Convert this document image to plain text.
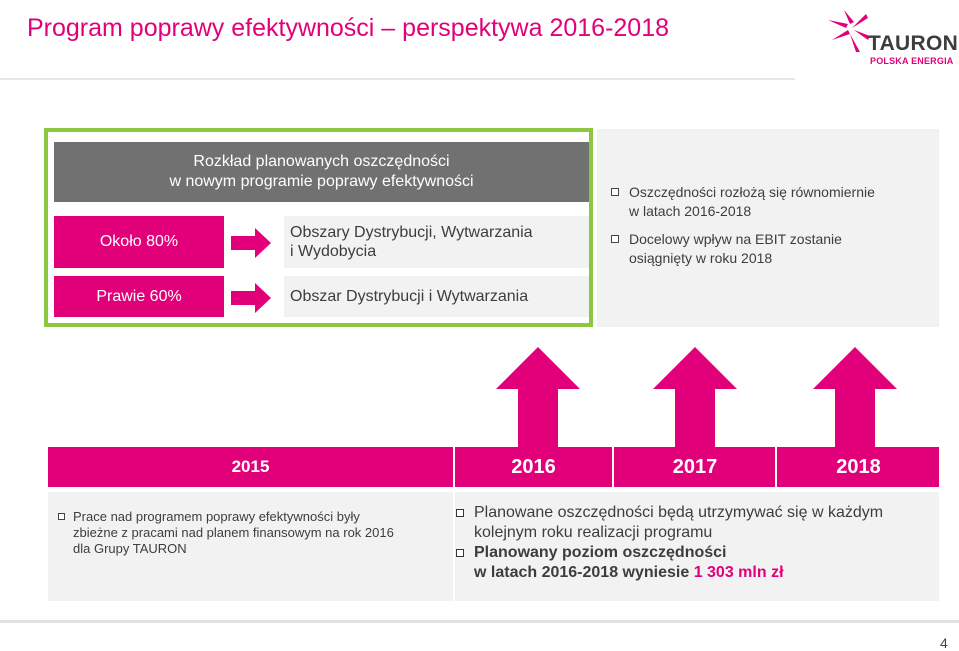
Program poprawy efektywności – perspektywa 2016-2018
TAURON
POLSKA ENERGIA
Oszczędności rozłożą się równomiernie
w latach 2016-2018
Docelowy wpływ na EBIT zostanie
osiągnięty w roku 2018
Rozkład planowanych oszczędności
w nowym programie poprawy efektywności
Około 80%
Prawie 60%
Obszary Dystrybucji, Wytwarzania
i Wydobycia
Obszar Dystrybucji i Wytwarzania
2015	2016	2017	2018
Prace nad programem poprawy efektywności były
zbieżne z pracami nad planem finansowym na rok 2016
dla Grupy TAURON
Planowane oszczędności będą utrzymywać się w każdym
kolejnym roku realizacji programu
Planowany poziom oszczędności
w latach 2016-2018 wyniesie 1 303 mln zł
4
